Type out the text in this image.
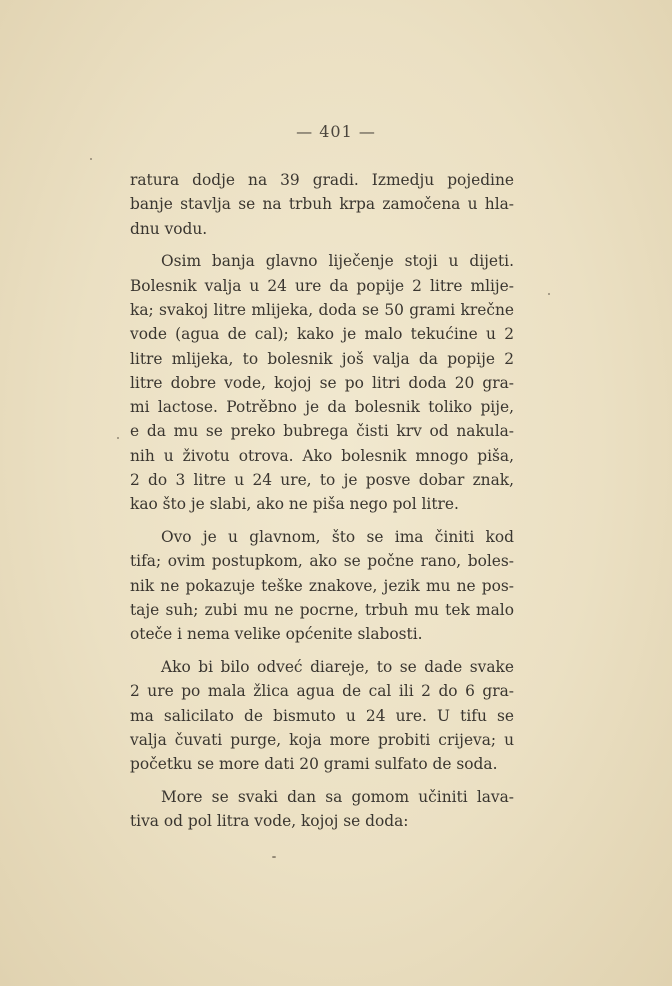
— 401 —
ratura dodje na 39 gradi. Izmedju pojedine
banje stavlja se na trbuh krpa zamočena u hla-
dnu vodu.
Osim banja glavno liječenje stoji u dijeti.
Bolesnik valja u 24 ure da popije 2 litre mlije-
ka; svakoj litre mlijeka, doda se 50 grami krečne
vode (agua de cal); kako je malo tekućine u 2
litre mlijeka, to bolesnik još valja da popije 2
litre dobre vode, kojoj se po litri doda 20 gra-
mi lactose. Potrěbno je da bolesnik toliko pije,
e da mu se preko bubrega čisti krv od nakula-
nih u životu otrova. Ako bolesnik mnogo piša,
2 do 3 litre u 24 ure, to je posve dobar znak,
kao što je slabi, ako ne piša nego pol litre.
Ovo je u glavnom, što se ima činiti kod
tifa; ovim postupkom, ako se počne rano, boles-
nik ne pokazuje teške znakove, jezik mu ne pos-
taje suh; zubi mu ne pocrne, trbuh mu tek malo
oteče i nema velike općenite slabosti.
Ako bi bilo odveć diareje, to se dade svake
2 ure po mala žlica agua de cal ili 2 do 6 gra-
ma salicilato de bismuto u 24 ure. U tifu se
valja čuvati purge, koja more probiti crijeva; u
početku se more dati 20 grami sulfato de soda.
More se svaki dan sa gomom učiniti lava-
tiva od pol litra vode, kojoj se doda:
